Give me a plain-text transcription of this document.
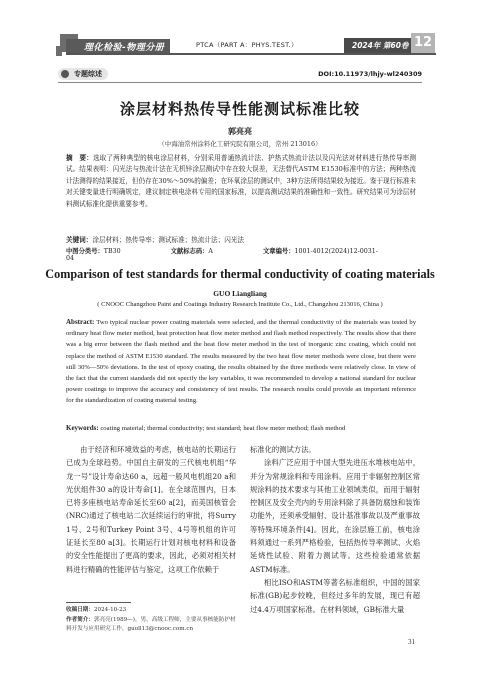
理化检验-物理分册	PTCA（PART A：PHYS.TEST.）	2024年 第60卷 12
专题综述	DOI:10.11973/lhjy-wl240309
涂层材料热传导性能测试标准比较
郭亮亮
（中海油常州涂料化工研究院有限公司，常州 213016）
摘　要：选取了两种典型的核电涂层材料，分别采用普通热流计法、护热式热流计法以及闪光法对材料进行热传导率测试。结果表明：闪光法与热流计法在无机锌涂层测试中存在较大误差，无法替代ASTM E1530标准中的方法；两种热流计法测得的结果接近，但仍存在30%～50%的偏差；在环氧涂层的测试中，3种方法所得结果较为接近。鉴于现行标准未对关键变量进行明确规定，建议制定核电涂料专用的国家标准，以提高测试结果的准确性和一致性。研究结果可为涂层材料测试标准化提供重要参考。
关键词：涂层材料；热传导率；测试标准；热流计法；闪光法
中图分类号：TB30	文献标志码：A	文章编号：1001-4012(2024)12-0031-04
Comparison of test standards for thermal conductivity of coating materials
GUO Liangliang
( CNOOC Changzhou Paint and Coatings Industry Research Institute Co., Ltd., Changzhou 213016, China )
Abstract: Two typical nuclear power coating materials were selected, and the thermal conductivity of the materials was tested by ordinary heat flow meter method, heat protection heat flow meter method and flash method respectively. The results show that there was a big error between the flash method and the heat flow meter method in the test of inorganic zinc coating, which could not replace the method of ASTM E1530 standard. The results measured by the two heat flow meter methods were close, but there were still 30%—50% deviations. In the test of epoxy coating, the results obtained by the three methods were relatively close. In view of the fact that the current standards did not specify the key variables, it was recommended to develop a national standard for nuclear power coatings to improve the accuracy and consistency of test results. The research results could provide an important reference for the standardization of coating material testing.
Keywords: coating material; thermal conductivity; test standard; heat flow meter method; flash method

由于经济和环境效益的考虑，核电站的长期运行已成为全球趋势。中国自主研发的三代核电机组“华龙一号”设计寿命达60 a，远超一般风电机组20 a和光伏组件30 a的设计寿命[1]。在全球范围内，日本已将多座核电站寿命延长至60 a[2]，而美国核管会(NRC)通过了核电站二次延续运行的审批，将Surry 1号、2号和Turkey Point 3号、4号等机组的许可证延长至80 a[3]。长期运行计划对核电材料和设备的安全性能提出了更高的要求，因此，必须对相关材料进行精确的性能评估与鉴定，这项工作依赖于

标准化的测试方法。

涂料广泛应用于中国大型先进压水堆核电站中，并分为常规涂料和专用涂料。应用于非辐射控制区常规涂料的技术要求与其他工业领域类似，而用于辐射控制区及安全壳内的专用涂料除了具备防腐蚀和装饰功能外，还须承受辐射、设计基准事故以及严重事故等特殊环境条件[4]。因此，在涂层施工前，核电涂料须通过一系列严格检验，包括热传导率测试、火焰延烧性试验、附着力测试等。这些检验通常依据ASTM标准。

相比ISO和ASTM等著名标准组织，中国的国家标准(GB)起步较晚，但经过多年的发展，现已有超过4.4万项国家标准。在材料领域，GB标准大量

收稿日期：2024-10-23
作者简介：郭亮亮(1989—)，男，高级工程师，主要从事核能防护材料开发与应用研究工作，guoll13@cnooc.com.cn
31
